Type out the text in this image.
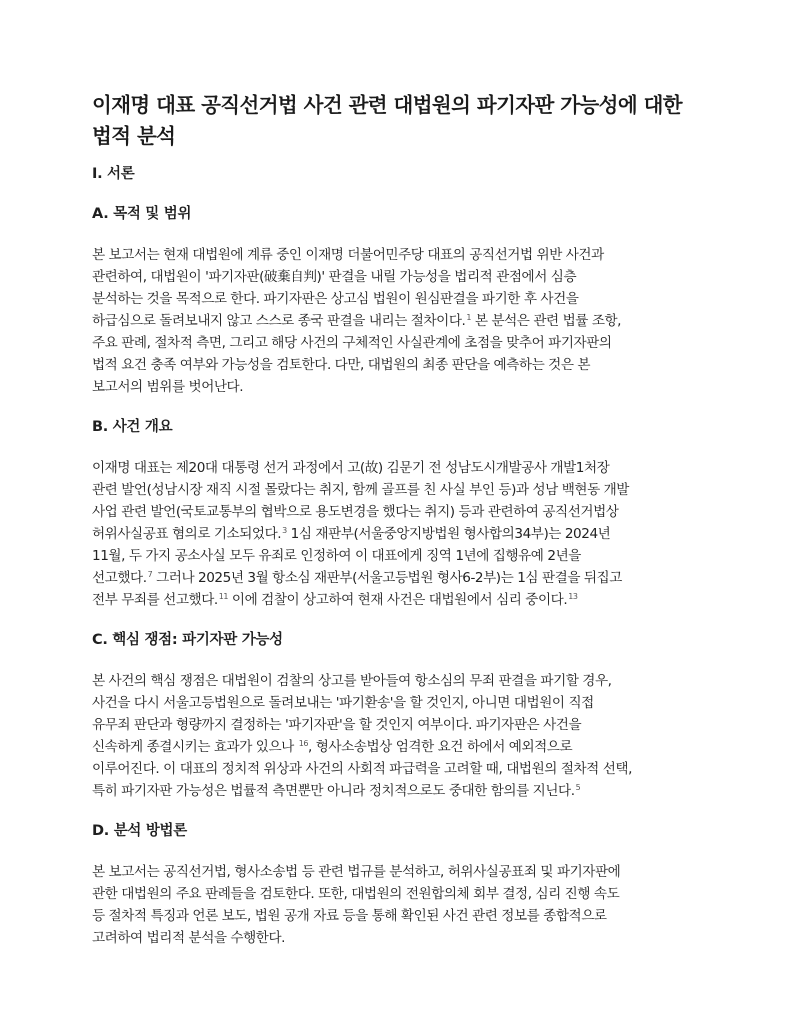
이재명 대표 공직선거법 사건 관련 대법원의 파기자판 가능성에 대한
법적 분석
I. 서론
A. 목적 및 범위
본 보고서는 현재 대법원에 계류 중인 이재명 더불어민주당 대표의 공직선거법 위반 사건과
관련하여, 대법원이 '파기자판(破棄自判)' 판결을 내릴 가능성을 법리적 관점에서 심층
분석하는 것을 목적으로 한다. 파기자판은 상고심 법원이 원심판결을 파기한 후 사건을
하급심으로 돌려보내지 않고 스스로 종국 판결을 내리는 절차이다.$^1$ 본 분석은 관련 법률 조항,
주요 판례, 절차적 측면, 그리고 해당 사건의 구체적인 사실관계에 초점을 맞추어 파기자판의
법적 요건 충족 여부와 가능성을 검토한다. 다만, 대법원의 최종 판단을 예측하는 것은 본
보고서의 범위를 벗어난다.
B. 사건 개요
이재명 대표는 제20대 대통령 선거 과정에서 고(故) 김문기 전 성남도시개발공사 개발1처장
관련 발언(성남시장 재직 시절 몰랐다는 취지, 함께 골프를 친 사실 부인 등)과 성남 백현동 개발
사업 관련 발언(국토교통부의 협박으로 용도변경을 했다는 취지) 등과 관련하여 공직선거법상
허위사실공표 혐의로 기소되었다.$^3$ 1심 재판부(서울중앙지방법원 형사합의34부)는 2024년
11월, 두 가지 공소사실 모두 유죄로 인정하여 이 대표에게 징역 1년에 집행유예 2년을
선고했다.$^7$ 그러나 2025년 3월 항소심 재판부(서울고등법원 형사6-2부)는 1심 판결을 뒤집고
전부 무죄를 선고했다.$^{11}$ 이에 검찰이 상고하여 현재 사건은 대법원에서 심리 중이다.$^{13}$
C. 핵심 쟁점: 파기자판 가능성
본 사건의 핵심 쟁점은 대법원이 검찰의 상고를 받아들여 항소심의 무죄 판결을 파기할 경우,
사건을 다시 서울고등법원으로 돌려보내는 '파기환송'을 할 것인지, 아니면 대법원이 직접
유무죄 판단과 형량까지 결정하는 '파기자판'을 할 것인지 여부이다. 파기자판은 사건을
신속하게 종결시키는 효과가 있으나 $^{16}$, 형사소송법상 엄격한 요건 하에서 예외적으로
이루어진다. 이 대표의 정치적 위상과 사건의 사회적 파급력을 고려할 때, 대법원의 절차적 선택,
특히 파기자판 가능성은 법률적 측면뿐만 아니라 정치적으로도 중대한 함의를 지닌다.$^5$
D. 분석 방법론
본 보고서는 공직선거법, 형사소송법 등 관련 법규를 분석하고, 허위사실공표죄 및 파기자판에
관한 대법원의 주요 판례들을 검토한다. 또한, 대법원의 전원합의체 회부 결정, 심리 진행 속도
등 절차적 특징과 언론 보도, 법원 공개 자료 등을 통해 확인된 사건 관련 정보를 종합적으로
고려하여 법리적 분석을 수행한다.
